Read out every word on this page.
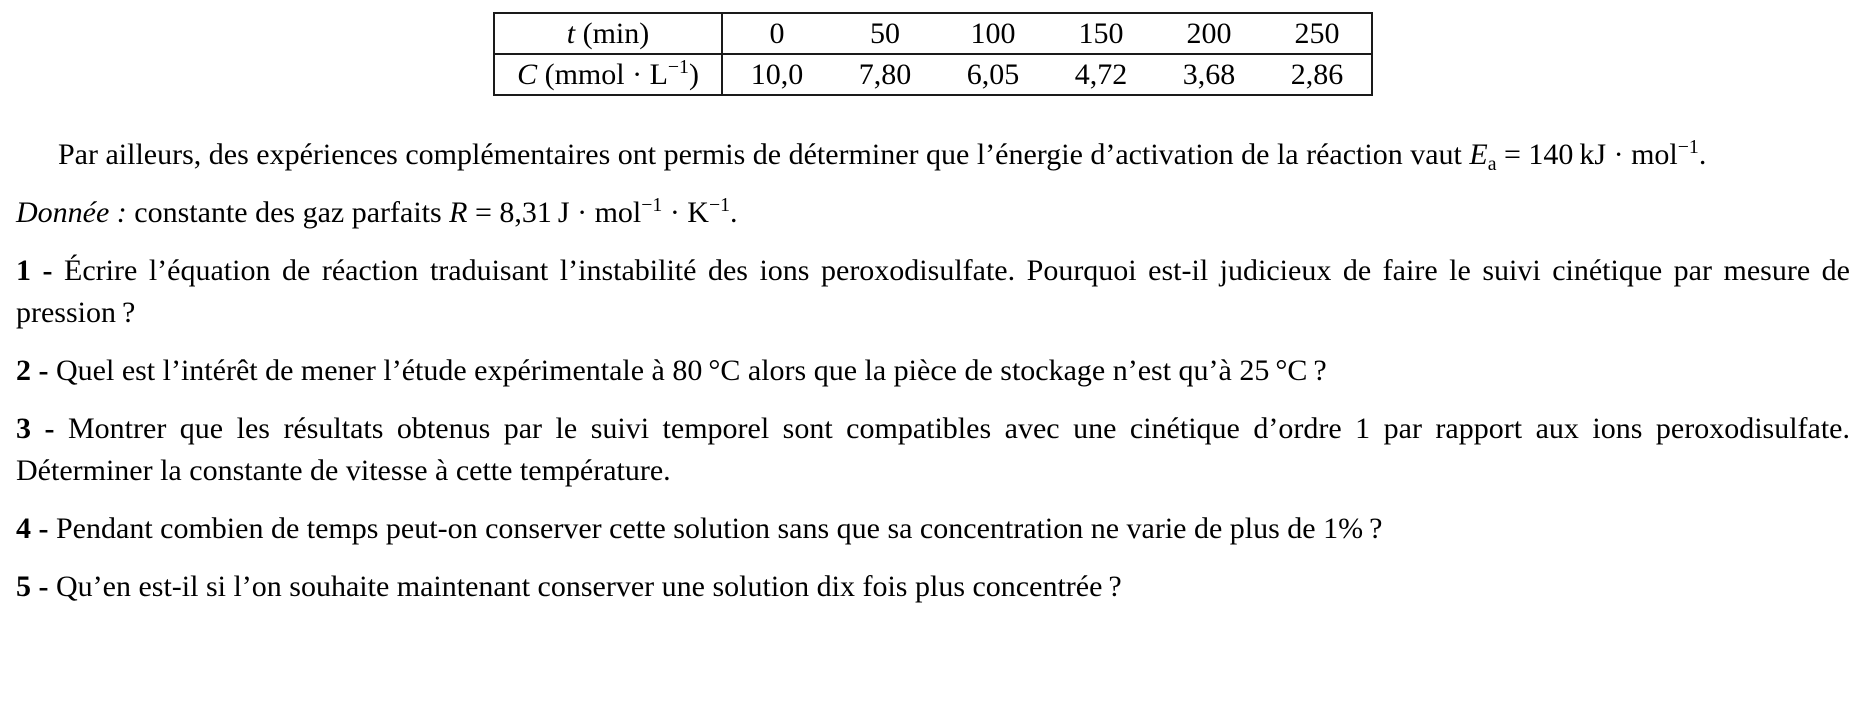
t (min)	0	50	100	150	200	250
C (mmol · $L^{-1}$)	10,0	7,80	6,05	4,72	3,68	2,86

Par ailleurs, des expériences complémentaires ont permis de déterminer que l’énergie d’activation de la réaction vaut Ea = 140 kJ · mol$^{-1}$.

Donnée : constante des gaz parfaits R = 8,31 $J \cdot mol^{-1} \cdot K^{-1}$.

1 - Écrire l’équation de réaction traduisant l’instabilité des ions peroxodisulfate. Pourquoi est-il judicieux de faire le suivi cinétique par mesure de pression ?

2 - Quel est l’intérêt de mener l’étude expérimentale à 80 °C alors que la pièce de stockage n’est qu’à 25 °C ?

3 - Montrer que les résultats obtenus par le suivi temporel sont compatibles avec une cinétique d’ordre 1 par rapport aux ions peroxodisulfate. Déterminer la constante de vitesse à cette température.

4 - Pendant combien de temps peut-on conserver cette solution sans que sa concentration ne varie de plus de 1% ?

5 - Qu’en est-il si l’on souhaite maintenant conserver une solution dix fois plus concentrée ?
